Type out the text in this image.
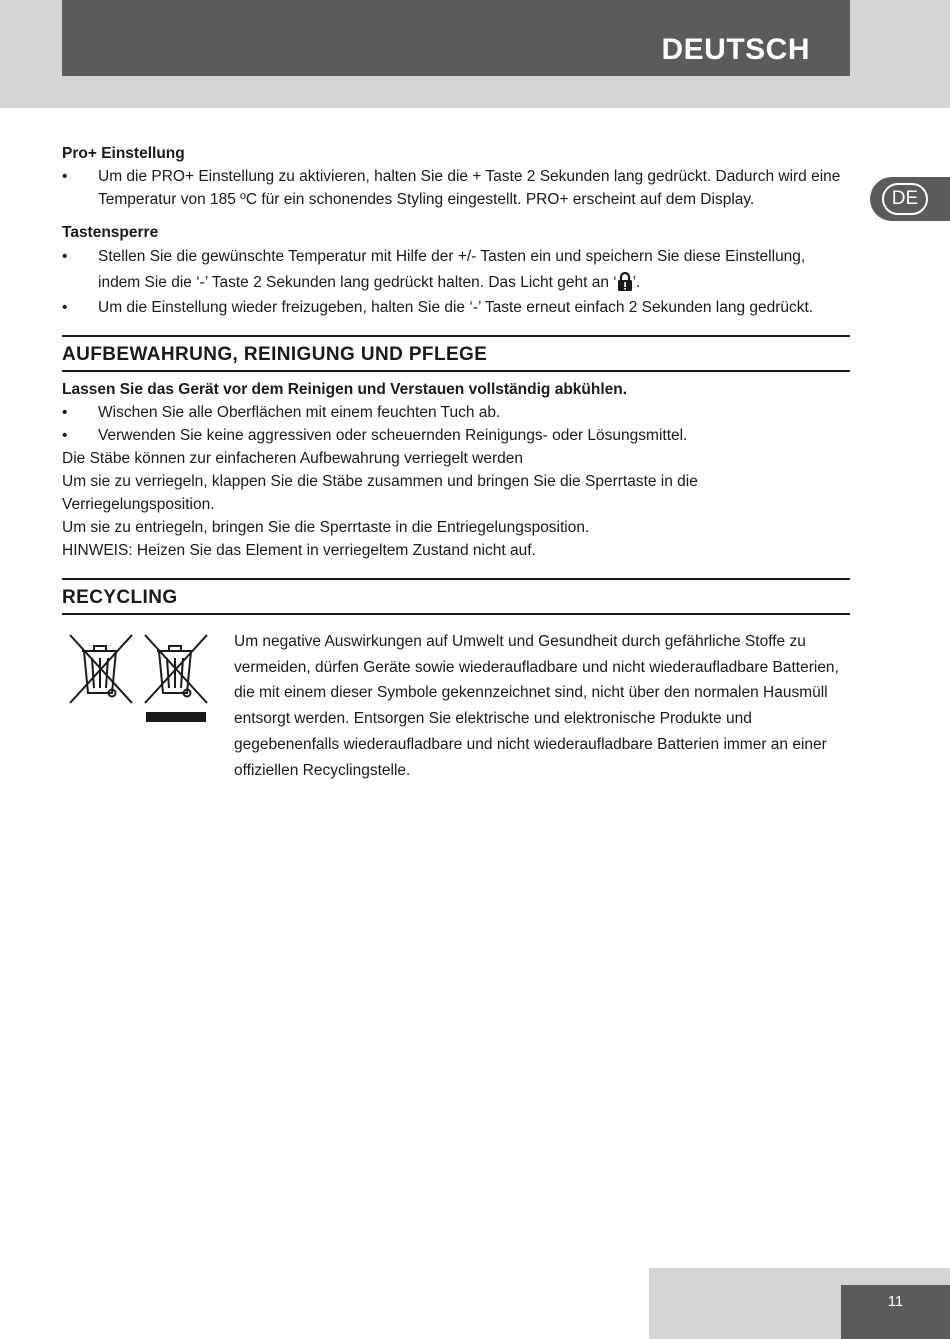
DEUTSCH
DE
Pro+ Einstellung
• Um die PRO+ Einstellung zu aktivieren, halten Sie die + Taste 2 Sekunden lang gedrückt. Dadurch wird eine Temperatur von 185 ºC für ein schonendes Styling eingestellt. PRO+ erscheint auf dem Display.
Tastensperre
• Stellen Sie die gewünschte Temperatur mit Hilfe der +/- Tasten ein und speichern Sie diese Einstellung, indem Sie die ‘-’ Taste 2 Sekunden lang gedrückt halten. Das Licht geht an ‘ ’.
• Um die Einstellung wieder freizugeben, halten Sie die ‘-’ Taste erneut einfach 2 Sekunden lang gedrückt.
AUFBEWAHRUNG, REINIGUNG UND PFLEGE
Lassen Sie das Gerät vor dem Reinigen und Verstauen vollständig abkühlen.
• Wischen Sie alle Oberflächen mit einem feuchten Tuch ab.
• Verwenden Sie keine aggressiven oder scheuernden Reinigungs- oder Lösungsmittel.

Die Stäbe können zur einfacheren Aufbewahrung verriegelt werden

Um sie zu verriegeln, klappen Sie die Stäbe zusammen und bringen Sie die Sperrtaste in die Verriegelungsposition.

Um sie zu entriegeln, bringen Sie die Sperrtaste in die Entriegelungsposition.

HINWEIS: Heizen Sie das Element in verriegeltem Zustand nicht auf.

RECYCLING
Um negative Auswirkungen auf Umwelt und Gesundheit durch gefährliche Stoffe zu vermeiden, dürfen Geräte sowie wiederaufladbare und nicht wiederaufladbare Batterien, die mit einem dieser Symbole gekennzeichnet sind, nicht über den normalen Hausmüll entsorgt werden. Entsorgen Sie elektrische und elektronische Produkte und gegebenenfalls wiederaufladbare und nicht wiederaufladbare Batterien immer an einer offiziellen Recyclingstelle.
11
